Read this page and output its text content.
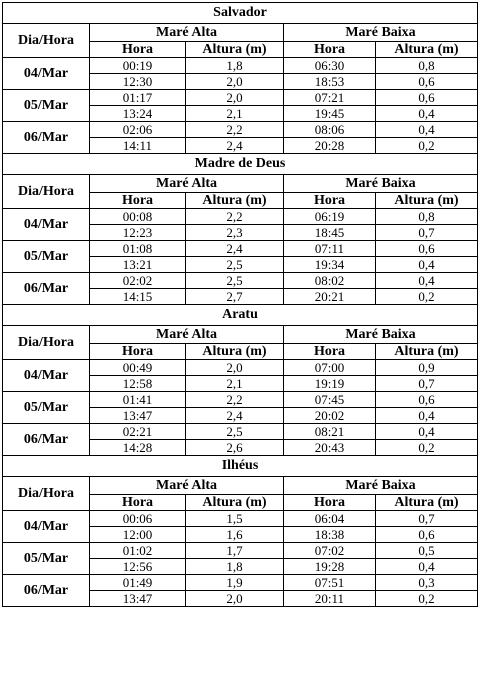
Salvador				
Dia/Hora	Maré Alta		Maré Baixa	
	Hora	Altura (m)	Hora	Altura (m)
04/Mar	00:19	1,8	06:30	0,8
	12:30	2,0	18:53	0,6
05/Mar	01:17	2,0	07:21	0,6
	13:24	2,1	19:45	0,4
06/Mar	02:06	2,2	08:06	0,4
	14:11	2,4	20:28	0,2
Madre de Deus				
Dia/Hora	Maré Alta		Maré Baixa	
	Hora	Altura (m)	Hora	Altura (m)
04/Mar	00:08	2,2	06:19	0,8
	12:23	2,3	18:45	0,7
05/Mar	01:08	2,4	07:11	0,6
	13:21	2,5	19:34	0,4
06/Mar	02:02	2,5	08:02	0,4
	14:15	2,7	20:21	0,2
Aratu				
Dia/Hora	Maré Alta		Maré Baixa	
	Hora	Altura (m)	Hora	Altura (m)
04/Mar	00:49	2,0	07:00	0,9
	12:58	2,1	19:19	0,7
05/Mar	01:41	2,2	07:45	0,6
	13:47	2,4	20:02	0,4
06/Mar	02:21	2,5	08:21	0,4
	14:28	2,6	20:43	0,2
Ilhéus				
Dia/Hora	Maré Alta		Maré Baixa	
	Hora	Altura (m)	Hora	Altura (m)
04/Mar	00:06	1,5	06:04	0,7
	12:00	1,6	18:38	0,6
05/Mar	01:02	1,7	07:02	0,5
	12:56	1,8	19:28	0,4
06/Mar	01:49	1,9	07:51	0,3
	13:47	2,0	20:11	0,2
